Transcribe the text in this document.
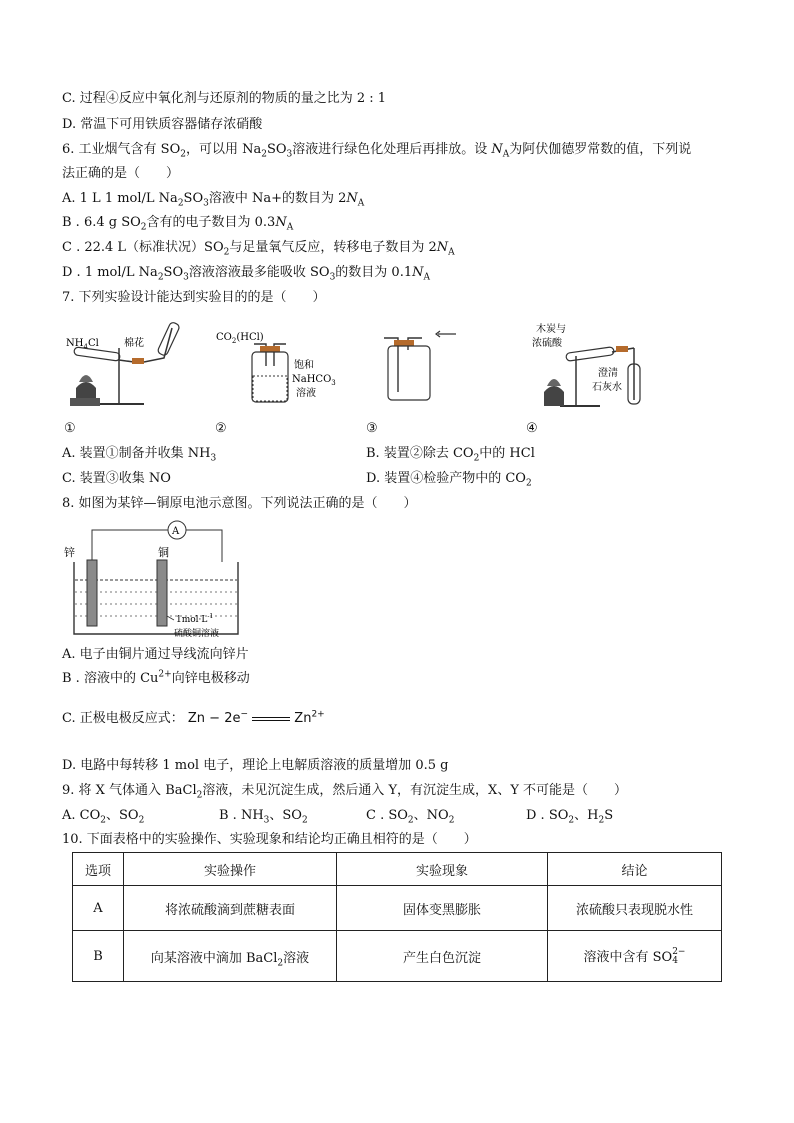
C. 过程④反应中氧化剂与还原剂的物质的量之比为 2 : 1
D. 常温下可用铁质容器储存浓硝酸
6. 工业烟气含有 $SO_2$，可以用 $Na_2SO_3$溶液进行绿色化处理后再排放。设 $N_A$为阿伏伽德罗常数的值，下列说
法正确的是（　　）
A. 1 L 1 mol/L $Na_2SO_3$溶液中 Na+的数目为 $2N_A$
B . 6.4 g $SO_2$含有的电子数目为 $0.3N_A$
C . 22.4 L（标准状况）$SO_2$与足量氧气反应，转移电子数目为 $2N_A$
D . 1 mol/L $Na_2SO_3$溶液溶液最多能吸收 $SO_3$的数目为 $0.1N_A$
7. 下列实验设计能达到实验目的的是（　　）
$NH_4Cl$	棉花
$CO_2(HCl)$
饱和
NaHCO$_3$
溶液
木炭与
浓硫酸
澄清
石灰水
①	②	③	④
A. 装置①制备并收集 $NH_3$	B. 装置②除去 $CO_2$中的 HCl
C. 装置③收集 NO	D. 装置④检验产物中的 $CO_2$
8. 如图为某锌—铜原电池示意图。下列说法正确的是（　　）
A
锌	铜
$1mol\cdot L^{-1}$
硫酸铜溶液
A. 电子由铜片通过导线流向锌片
B . 溶液中的 $Cu^{2+}$向锌电极移动
C. 正极电极反应式： Zn − 2e−	$Zn^{2+}$
D. 电路中每转移 1 mol 电子，理论上电解质溶液的质量增加 0.5 g
9. 将 X 气体通入 BaCl$_2$溶液，未见沉淀生成，然后通入 Y，有沉淀生成，X、Y 不可能是（　　）
A. $CO_2$、$SO_2$	B . $NH_3$、$SO_2$	C . $SO_2$、$NO_2$	D . $SO_2$、$H_2S$
10. 下面表格中的实验操作、实验现象和结论均正确且相符的是（　　）
选项	实验操作	实验现象	结论
A	将浓硫酸滴到蔗糖表面	固体变黑膨胀	浓硫酸只表现脱水性
B	向某溶液中滴加 BaCl$_2$溶液	产生白色沉淀	溶液中含有 SO 2−
4
